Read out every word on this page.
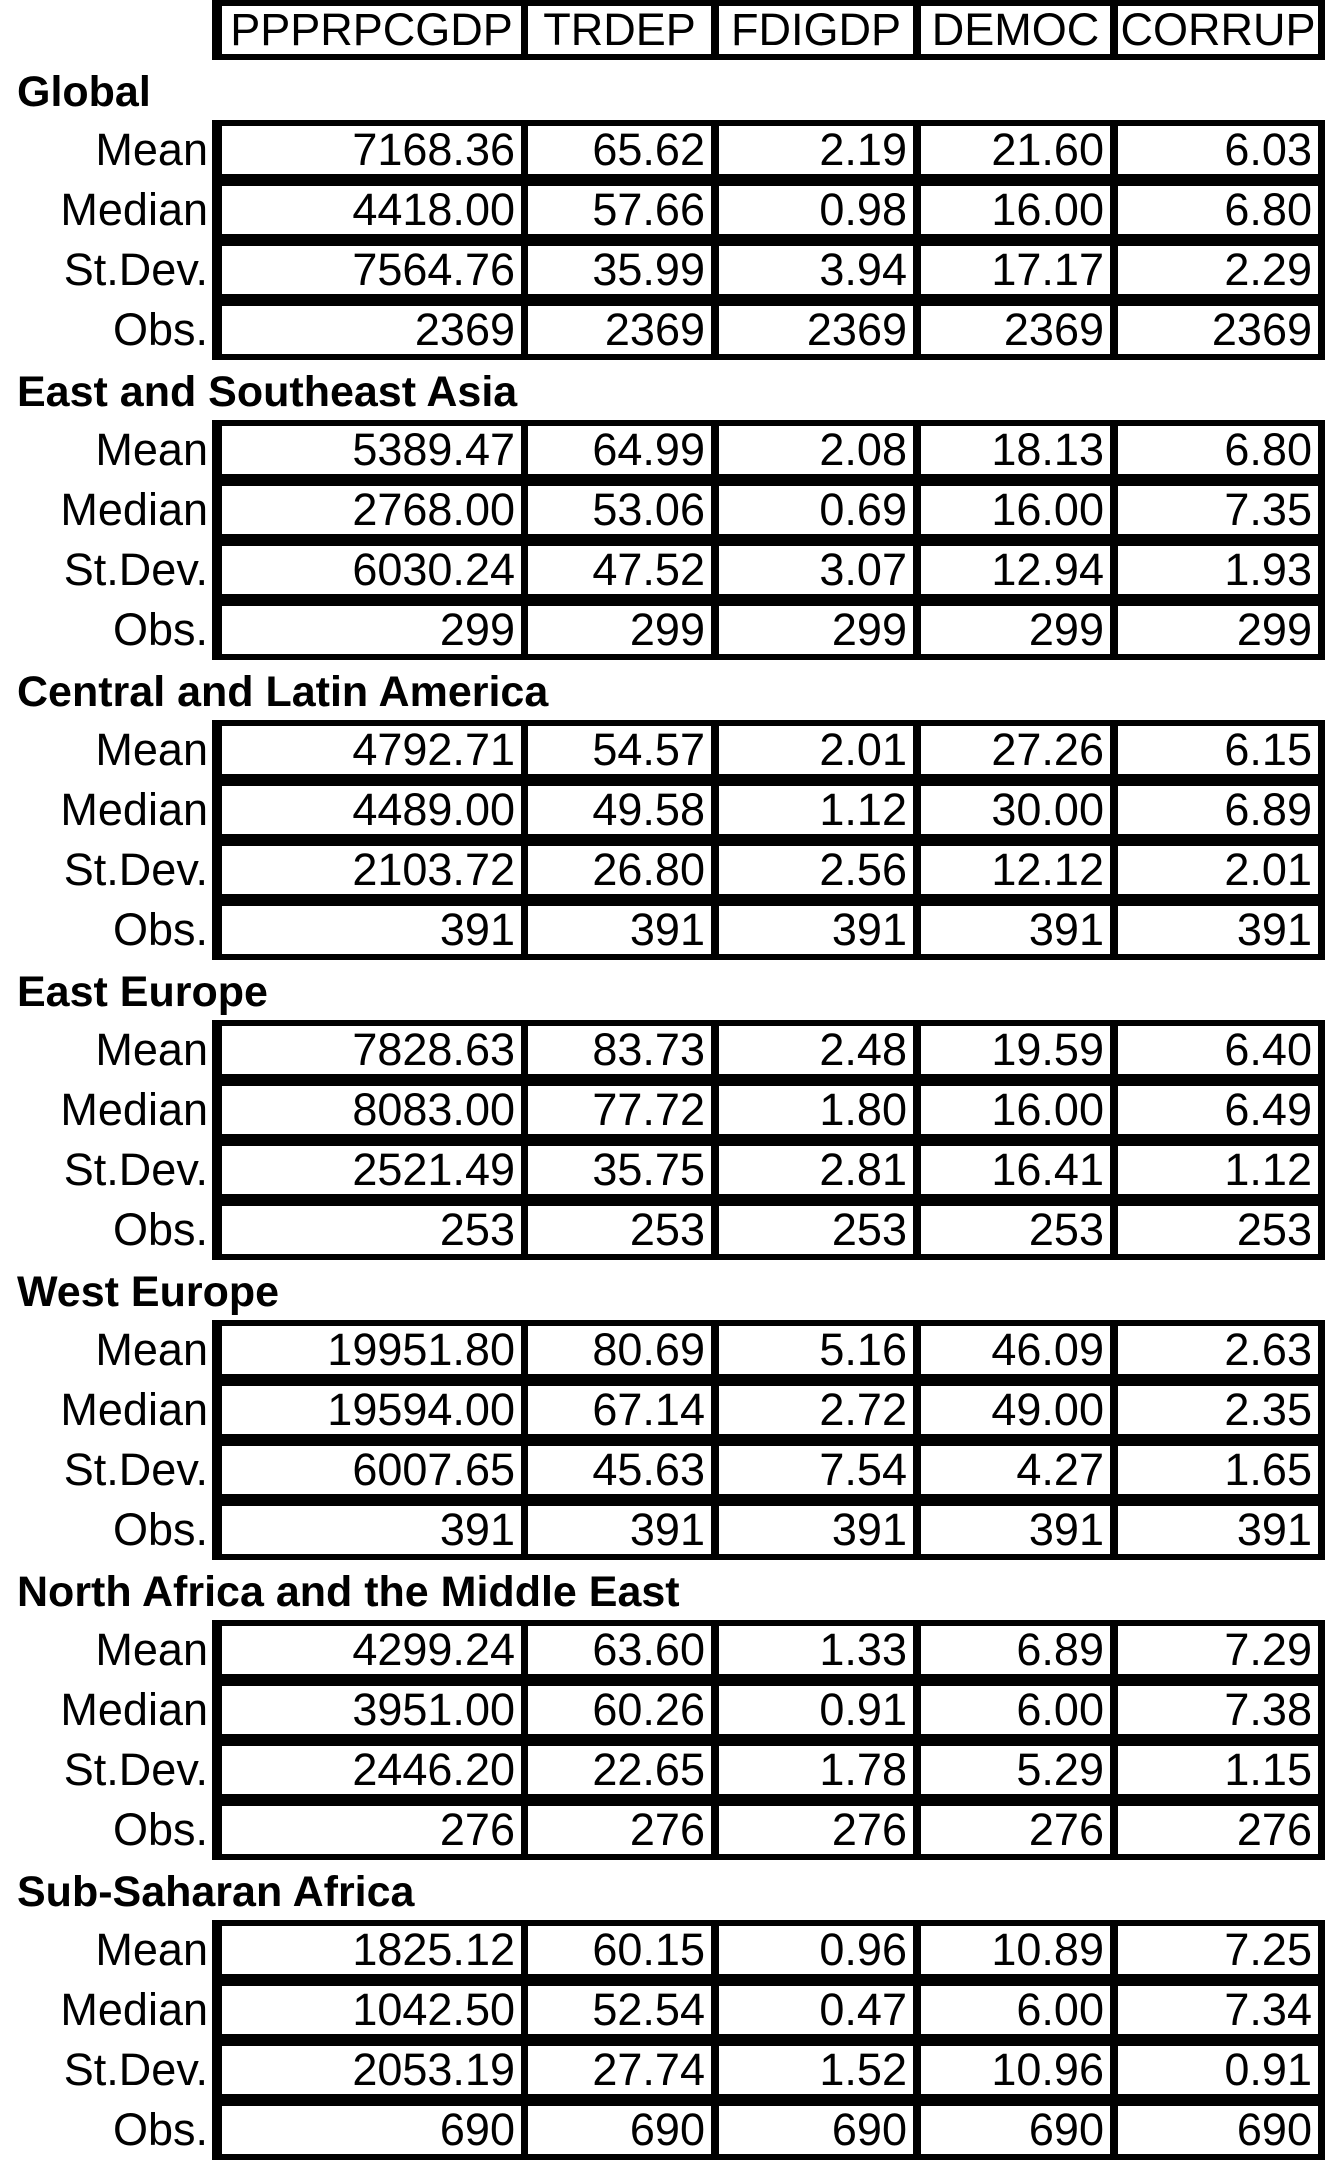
PPPRPCGDP TRDEP FDIGDP DEMOC CORRUP
Global
Mean	7168.36	65.62	2.19	21.60	6.03
Median	4418.00	57.66	0.98	16.00	6.80
St.Dev.	7564.76	35.99	3.94	17.17	2.29
Obs.	2369	2369	2369	2369	2369
East and Southeast Asia
Mean	5389.47	64.99	2.08	18.13	6.80
Median	2768.00	53.06	0.69	16.00	7.35
St.Dev.	6030.24	47.52	3.07	12.94	1.93
Obs.	299	299	299	299	299
Central and Latin America
Mean	4792.71	54.57	2.01	27.26	6.15
Median	4489.00	49.58	1.12	30.00	6.89
St.Dev.	2103.72	26.80	2.56	12.12	2.01
Obs.	391	391	391	391	391
East Europe
Mean	7828.63	83.73	2.48	19.59	6.40
Median	8083.00	77.72	1.80	16.00	6.49
St.Dev.	2521.49	35.75	2.81	16.41	1.12
Obs.	253	253	253	253	253
West Europe
Mean	19951.80	80.69	5.16	46.09	2.63
Median	19594.00	67.14	2.72	49.00	2.35
St.Dev.	6007.65	45.63	7.54	4.27	1.65
Obs.	391	391	391	391	391
North Africa and the Middle East
Mean	4299.24	63.60	1.33	6.89	7.29
Median	3951.00	60.26	0.91	6.00	7.38
St.Dev.	2446.20	22.65	1.78	5.29	1.15
Obs.	276	276	276	276	276
Sub-Saharan Africa
Mean	1825.12	60.15	0.96	10.89	7.25
Median	1042.50	52.54	0.47	6.00	7.34
St.Dev.	2053.19	27.74	1.52	10.96	0.91
Obs.	690	690	690	690	690
